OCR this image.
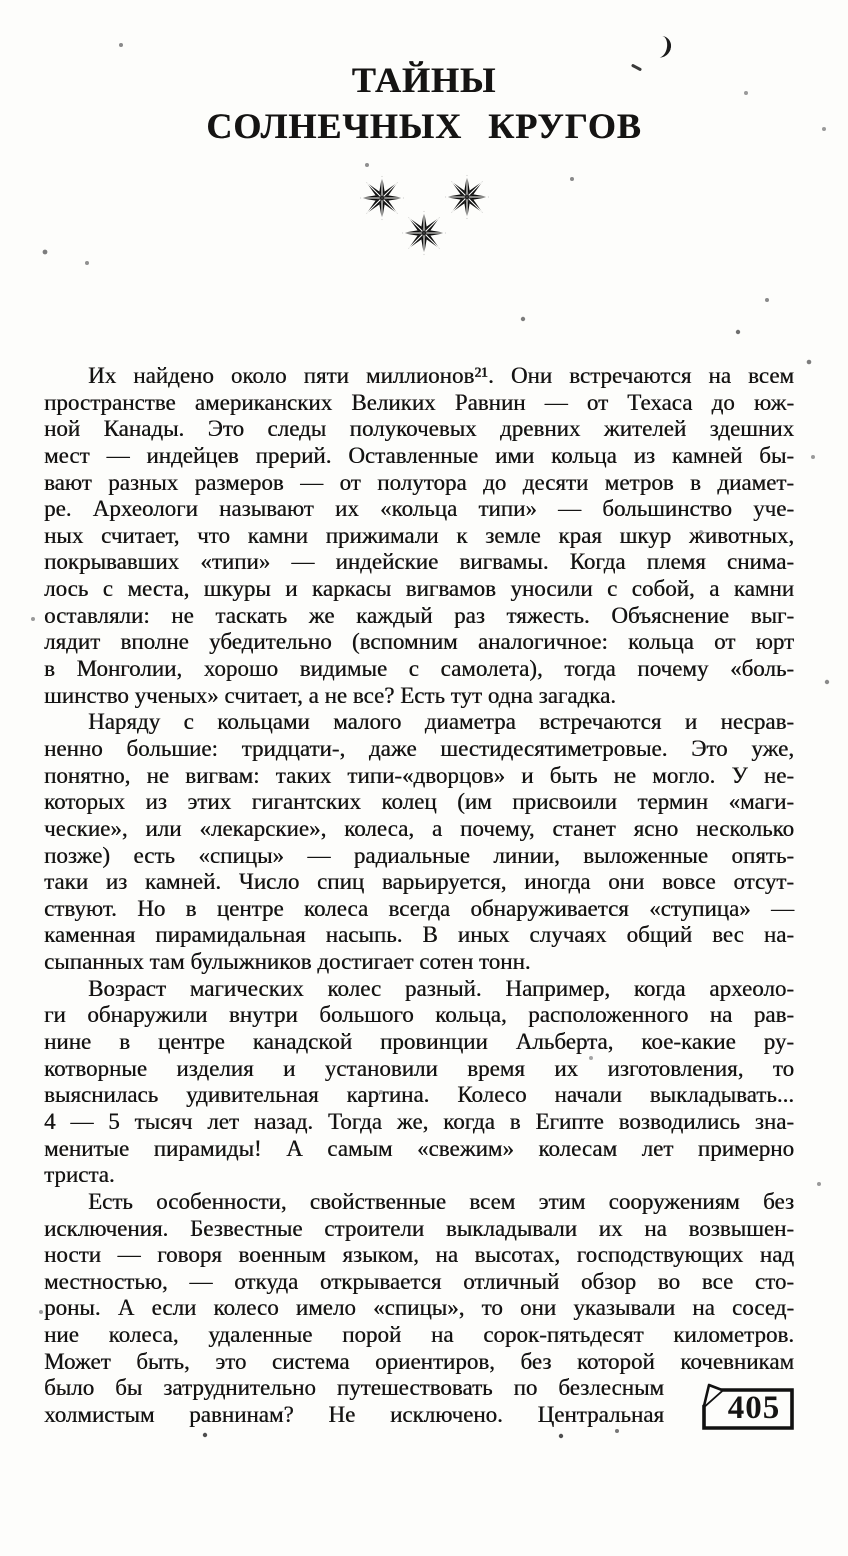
ТАЙНЫ
СОЛНЕЧНЫХ КРУГОВ
Их найдено около пяти миллионов²¹. Они встречаются на всем
пространстве американских Великих Равнин — от Техаса до юж-
ной Канады. Это следы полукочевых древних жителей здешних
мест — индейцев прерий. Оставленные ими кольца из камней бы-
вают разных размеров — от полутора до десяти метров в диамет-
ре. Археологи называют их «кольца типи» — большинство уче-
ных считает, что камни прижимали к земле края шкур животных,
покрывавших «типи» — индейские вигвамы. Когда племя снима-
лось с места, шкуры и каркасы вигвамов уносили с собой, а камни
оставляли: не таскать же каждый раз тяжесть. Объяснение выг-
лядит вполне убедительно (вспомним аналогичное: кольца от юрт
в Монголии, хорошо видимые с самолета), тогда почему «боль-
шинство ученых» считает, а не все? Есть тут одна загадка.
Наряду с кольцами малого диаметра встречаются и несрав-
ненно большие: тридцати-, даже шестидесятиметровые. Это уже,
понятно, не вигвам: таких типи-«дворцов» и быть не могло. У не-
которых из этих гигантских колец (им присвоили термин «маги-
ческие», или «лекарские», колеса, а почему, станет ясно несколько
позже) есть «спицы» — радиальные линии, выложенные опять-
таки из камней. Число спиц варьируется, иногда они вовсе отсут-
ствуют. Но в центре колеса всегда обнаруживается «ступица» —
каменная пирамидальная насыпь. В иных случаях общий вес на-
сыпанных там булыжников достигает сотен тонн.
Возраст магических колес разный. Например, когда археоло-
ги обнаружили внутри большого кольца, расположенного на рав-
нине в центре канадской провинции Альберта, кое-какие ру-
котворные изделия и установили время их изготовления, то
выяснилась удивительная картина. Колесо начали выкладывать...
4 — 5 тысяч лет назад. Тогда же, когда в Египте возводились зна-
менитые пирамиды! А самым «свежим» колесам лет примерно
триста.
Есть особенности, свойственные всем этим сооружениям без
исключения. Безвестные строители выкладывали их на возвышен-
ности — говоря военным языком, на высотах, господствующих над
местностью, — откуда открывается отличный обзор во все сто-
роны. А если колесо имело «спицы», то они указывали на сосед-
ние колеса, удаленные порой на сорок-пятьдесят километров.
Может быть, это система ориентиров, без которой кочевникам
было бы затруднительно путешествовать по безлесным
холмистым равнинам? Не исключено. Центральная	405
